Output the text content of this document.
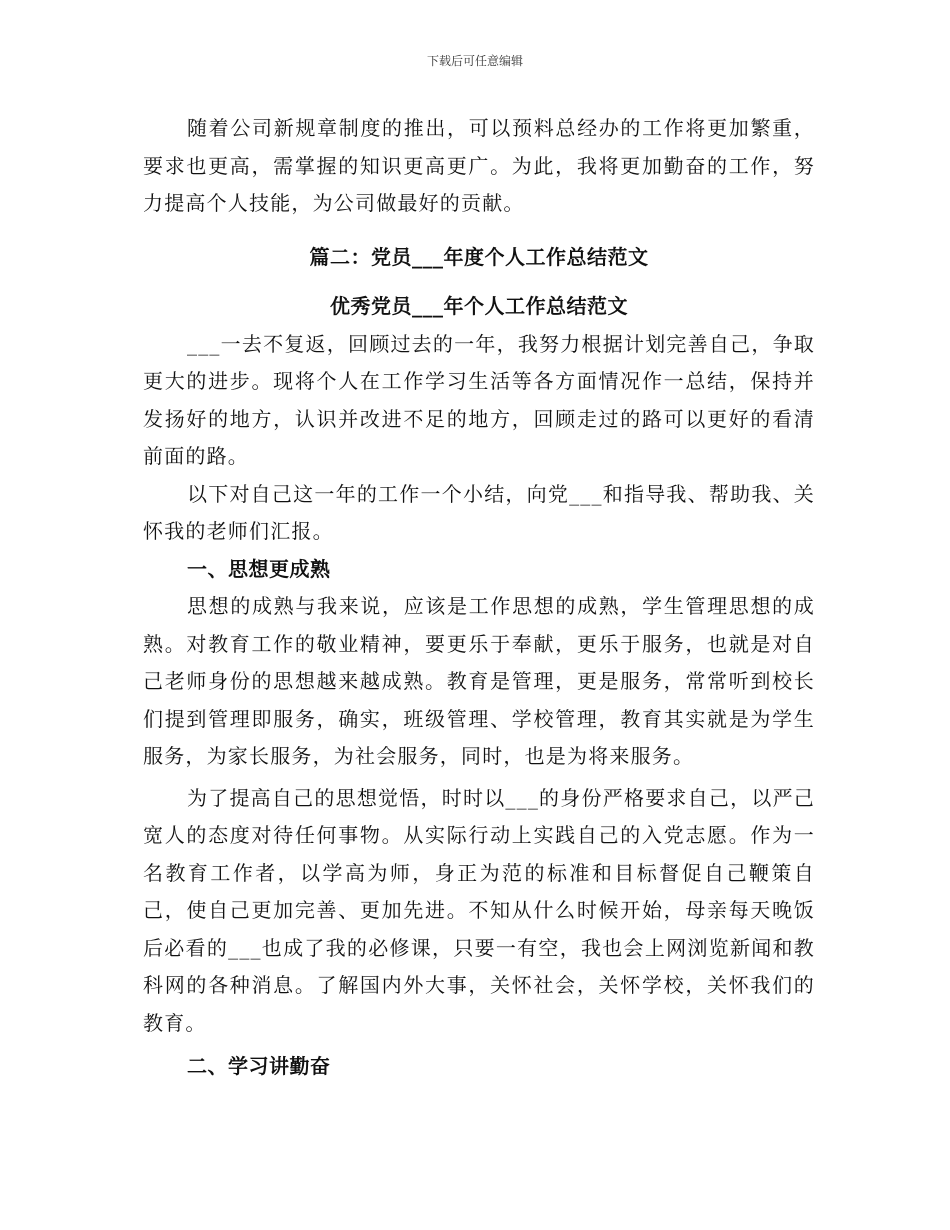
下载后可任意编辑

随着公司新规章制度的推出，可以预料总经办的工作将更加繁重，要求也更高，需掌握的知识更高更广。为此，我将更加勤奋的工作，努力提高个人技能，为公司做最好的贡献。

篇二：党员___年度个人工作总结范文
优秀党员___年个人工作总结范文

___一去不复返，回顾过去的一年，我努力根据计划完善自己，争取更大的进步。现将个人在工作学习生活等各方面情况作一总结，保持并发扬好的地方，认识并改进不足的地方，回顾走过的路可以更好的看清前面的路。

以下对自己这一年的工作一个小结，向党___和指导我、帮助我、关怀我的老师们汇报。

一、思想更成熟

思想的成熟与我来说，应该是工作思想的成熟，学生管理思想的成熟。对教育工作的敬业精神，要更乐于奉献，更乐于服务，也就是对自己老师身份的思想越来越成熟。教育是管理，更是服务，常常听到校长们提到管理即服务，确实，班级管理、学校管理，教育其实就是为学生服务，为家长服务，为社会服务，同时，也是为将来服务。

为了提高自己的思想觉悟，时时以___的身份严格要求自己，以严己宽人的态度对待任何事物。从实际行动上实践自己的入党志愿。作为一名教育工作者，以学高为师，身正为范的标准和目标督促自己鞭策自己，使自己更加完善、更加先进。不知从什么时候开始，母亲每天晚饭后必看的___也成了我的必修课，只要一有空，我也会上网浏览新闻和教科网的各种消息。了解国内外大事，关怀社会，关怀学校，关怀我们的教育。

二、学习讲勤奋
